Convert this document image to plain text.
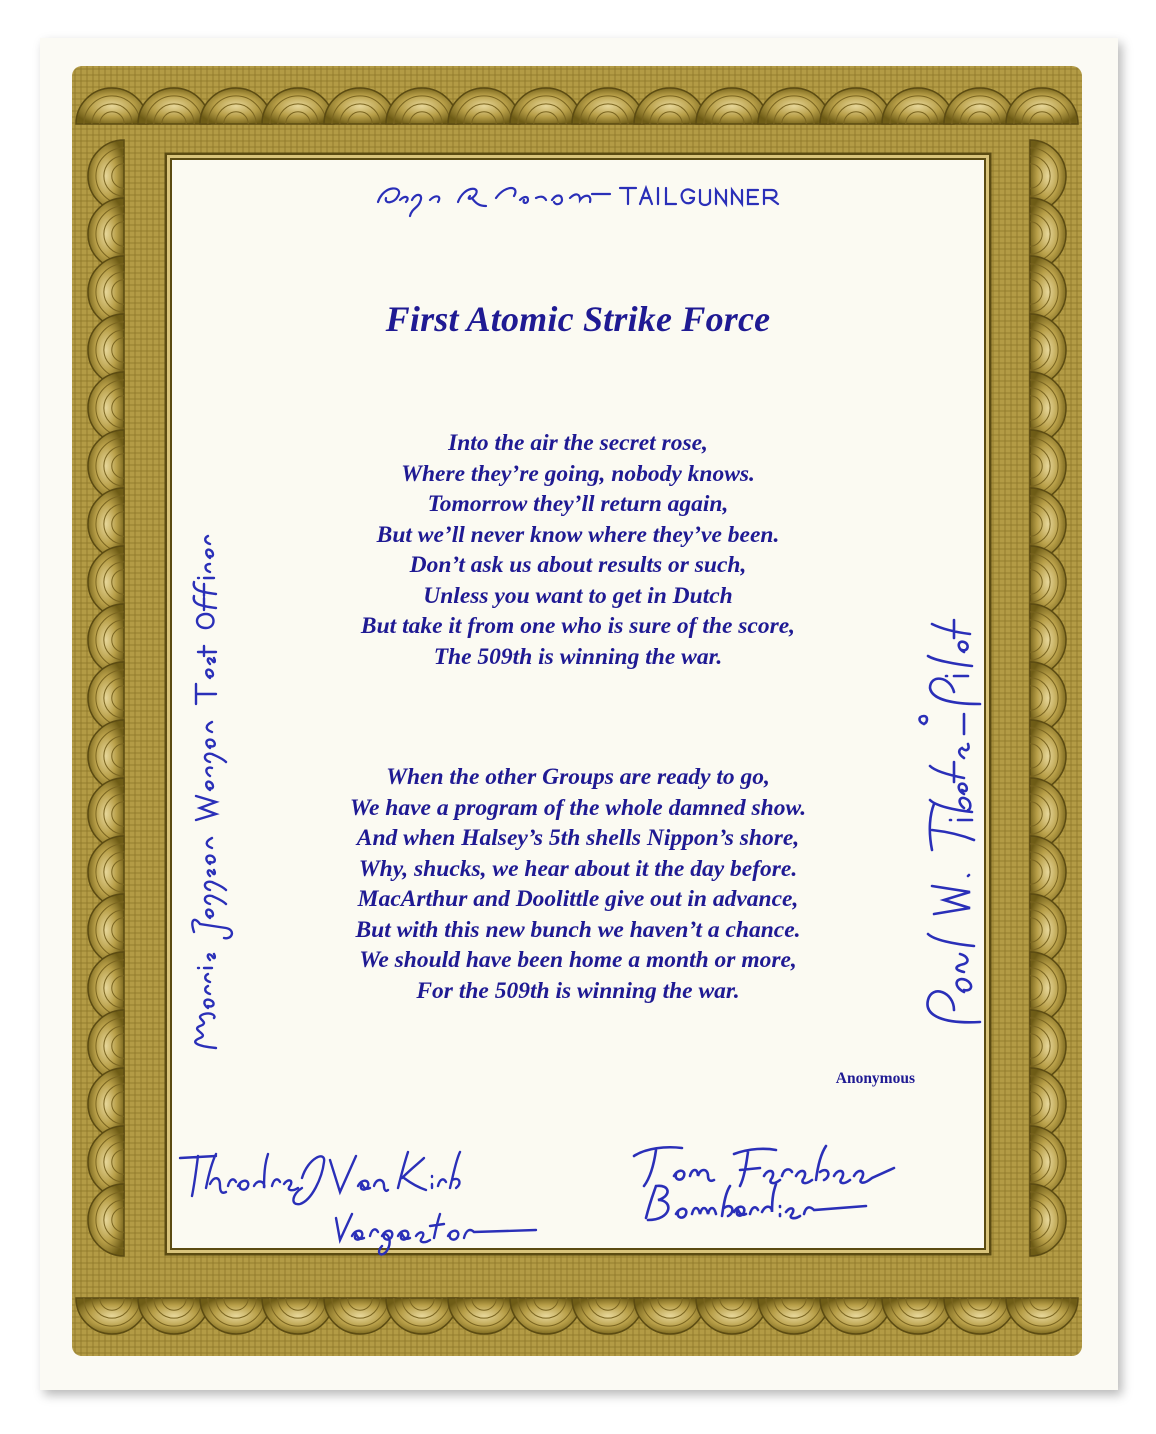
First Atomic Strike Force
Into the air the secret rose,
Where they’re going, nobody knows.
Tomorrow they’ll return again,
But we’ll never know where they’ve been.
Don’t ask us about results or such,
Unless you want to get in Dutch
But take it from one who is sure of the score,
The 509th is winning the war.
When the other Groups are ready to go,
We have a program of the whole damned show.
And when Halsey’s 5th shells Nippon’s shore,
Why, shucks, we hear about it the day before.
MacArthur and Doolittle give out in advance,
But with this new bunch we haven’t a chance.
We should have been home a month or more,
For the 509th is winning the war.
Anonymous
